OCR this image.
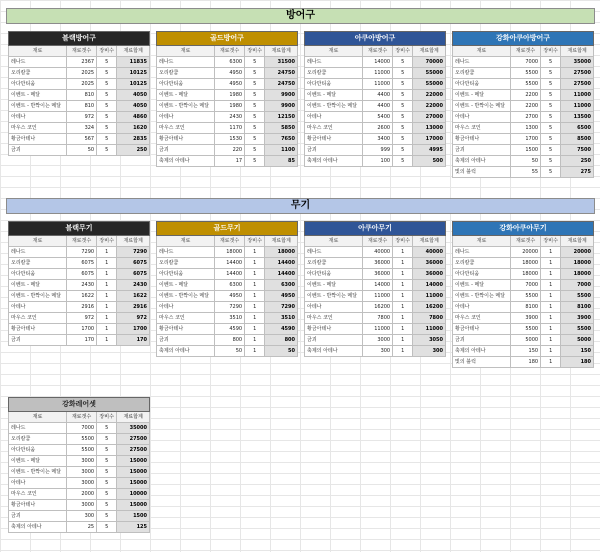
방어구
무기
블랙방어구			
재료	재료갯수	장비수	재료합계
레나드	2367	5	11835
오리칼쿰	2025	5	10125
아다만티움	2025	5	10125
이벤트 - 메달	810	5	4050
이벤트 - 반짝이는 메달	810	5	4050
아테나	972	5	4860
마우스 코인	324	5	1620
황금아테나	567	5	2835
금괴	50	5	250
골드방어구			
재료	재료갯수	장비수	재료합계
레나드	6300	5	31500
오리칼쿰	4950	5	24750
아다만티움	4950	5	24750
이벤트 - 메달	1980	5	9900
이벤트 - 반짝이는 메달	1980	5	9900
아테나	2430	5	12150
마우스 코인	1170	5	5850
황금아테나	1530	5	7650
금괴	220	5	1100
축제의 아테나	17	5	85
아쿠아방어구			
재료	재료갯수	장비수	재료합계
레나드	14000	5	70000
오리칼쿰	11000	5	55000
아다만티움	11000	5	55000
이벤트 - 메달	4400	5	22000
이벤트 - 반짝이는 메달	4400	5	22000
아테나	5400	5	27000
마우스 코인	2600	5	13000
황금아테나	3400	5	17000
금괴	999	5	4995
축제의 아테나	100	5	500
강화아쿠아방어구			
재료	재료갯수	장비수	재료합계
레나드	7000	5	35000
오리칼쿰	5500	5	27500
아다만티움	5500	5	27500
이벤트 - 메달	2200	5	11000
이벤트 - 반짝이는 메달	2200	5	11000
아테나	2700	5	13500
마우스 코인	1300	5	6500
황금아테나	1700	5	8500
금괴	1500	5	7500
축제의 아테나	50	5	250
빛의 블럭	55	5	275
블랙무기			
재료	재료갯수	장비수	재료합계
레나드	7290	1	7290
오리칼쿰	6075	1	6075
아다만티움	6075	1	6075
이벤트 - 메달	2430	1	2430
이벤트 - 반짝이는 메달	1622	1	1622
아테나	2916	1	2916
마우스 코인	972	1	972
황금아테나	1700	1	1700
금괴	170	1	170
골드무기			
재료	재료갯수	장비수	재료합계
레나드	18000	1	18000
오리칼쿰	14400	1	14400
아다만티움	14400	1	14400
이벤트 - 메달	6300	1	6300
이벤트 - 반짝이는 메달	4950	1	4950
아테나	7290	1	7290
마우스 코인	3510	1	3510
황금아테나	4590	1	4590
금괴	800	1	800
축제의 아테나	50	1	50
아쿠아무기			
재료	재료갯수	장비수	재료합계
레나드	40000	1	40000
오리칼쿰	36000	1	36000
아다만티움	36000	1	36000
이벤트 - 메달	14000	1	14000
이벤트 - 반짝이는 메달	11000	1	11000
아테나	16200	1	16200
마우스 코인	7800	1	7800
황금아테나	11000	1	11000
금괴	3000	1	3050
축제의 아테나	300	1	300
강화아쿠아무기			
재료	재료갯수	장비수	재료합계
레나드	20000	1	20000
오리칼쿰	18000	1	18000
아다만티움	18000	1	18000
이벤트 - 메달	7000	1	7000
이벤트 - 반짝이는 메달	5500	1	5500
아테나	8100	1	8100
마우스 코인	3900	1	3900
황금아테나	5500	1	5500
금괴	5000	1	5000
축제의 아테나	150	1	150
빛의 블럭	180	1	180
강화레어셋			
재료	재료갯수	장비수	재료합계
레나드	7000	5	35000
오리칼쿰	5500	5	27500
아다만티움	5500	5	27500
이벤트 - 메달	3000	5	15000
이벤트 - 반짝이는 메달	3000	5	15000
아테나	3000	5	15000
마우스 코인	2000	5	10000
황금아테나	3000	5	15000
금괴	300	5	1500
축제의 아테나	25	5	125
